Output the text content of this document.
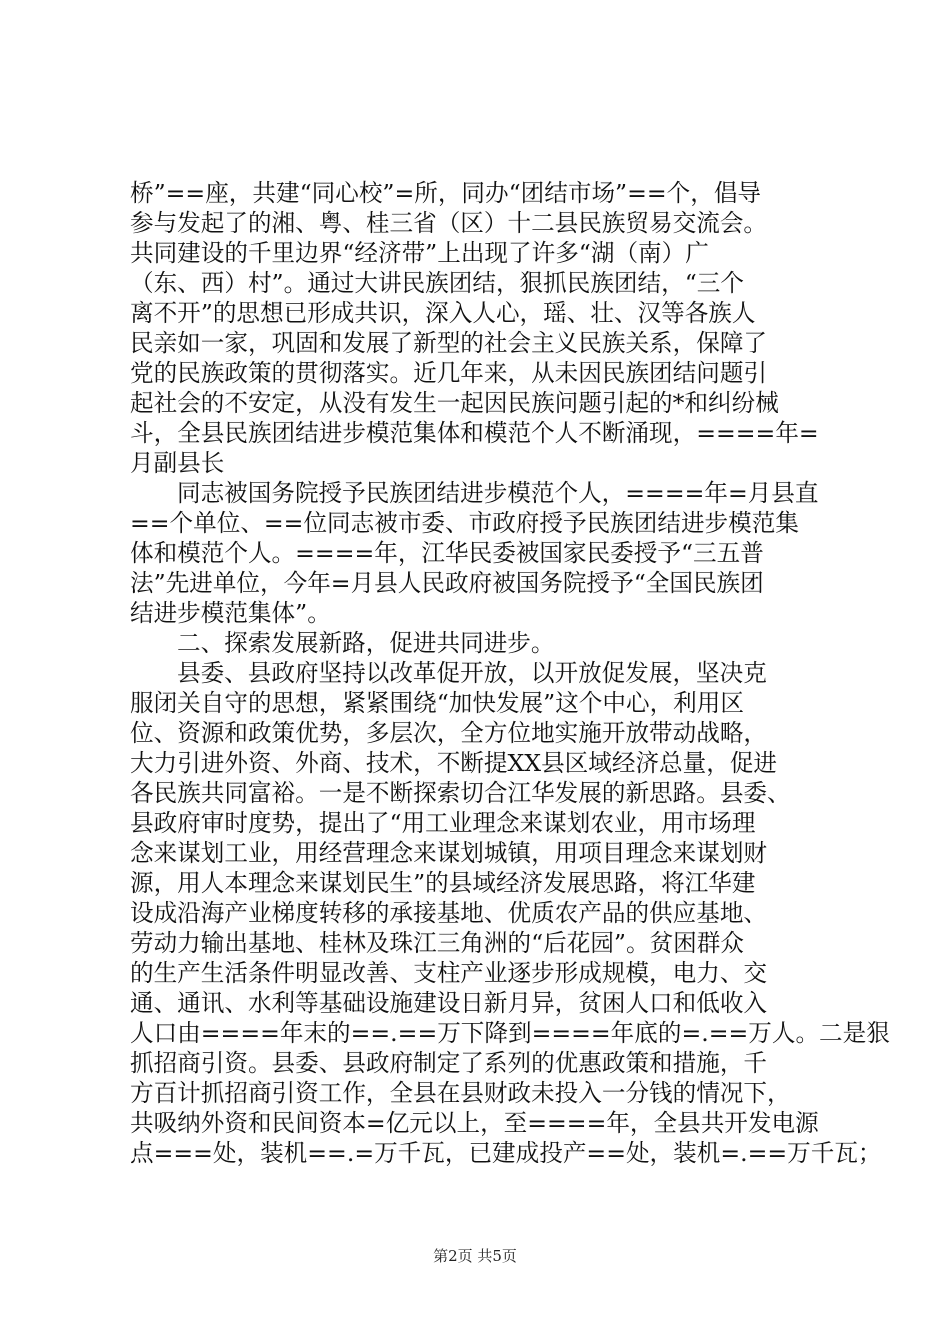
桥”==座，共建“同心校”=所，同办“团结市场”==个，倡导
参与发起了的湘、粤、桂三省（区）十二县民族贸易交流会。
共同建设的千里边界“经济带”上出现了许多“湖（南）广
（东、西）村”。通过大讲民族团结，狠抓民族团结，“三个
离不开”的思想已形成共识，深入人心，瑶、壮、汉等各族人
民亲如一家，巩固和发展了新型的社会主义民族关系，保障了
党的民族政策的贯彻落实。近几年来，从未因民族团结问题引
起社会的不安定，从没有发生一起因民族问题引起的*和纠纷械
斗，全县民族团结进步模范集体和模范个人不断涌现，====年=
月副县长
同志被国务院授予民族团结进步模范个人，====年=月县直
==个单位、==位同志被市委、市政府授予民族团结进步模范集
体和模范个人。====年，江华民委被国家民委授予“三五普
法”先进单位，今年=月县人民政府被国务院授予“全国民族团
结进步模范集体”。
二、探索发展新路，促进共同进步。
县委、县政府坚持以改革促开放，以开放促发展，坚决克
服闭关自守的思想，紧紧围绕“加快发展”这个中心，利用区
位、资源和政策优势，多层次，全方位地实施开放带动战略，
大力引进外资、外商、技术，不断提XX县区域经济总量，促进
各民族共同富裕。一是不断探索切合江华发展的新思路。县委、
县政府审时度势，提出了“用工业理念来谋划农业，用市场理
念来谋划工业，用经营理念来谋划城镇，用项目理念来谋划财
源，用人本理念来谋划民生”的县域经济发展思路，将江华建
设成沿海产业梯度转移的承接基地、优质农产品的供应基地、
劳动力输出基地、桂林及珠江三角洲的“后花园”。贫困群众
的生产生活条件明显改善、支柱产业逐步形成规模，电力、交
通、通讯、水利等基础设施建设日新月异，贫困人口和低收入
人口由====年末的==.==万下降到====年底的=.==万人。二是狠
抓招商引资。县委、县政府制定了系列的优惠政策和措施，千
方百计抓招商引资工作，全县在县财政未投入一分钱的情况下，
共吸纳外资和民间资本=亿元以上，至====年，全县共开发电源
点===处，装机==.=万千瓦，已建成投产==处，装机=.==万千瓦；
第2页 共5页
